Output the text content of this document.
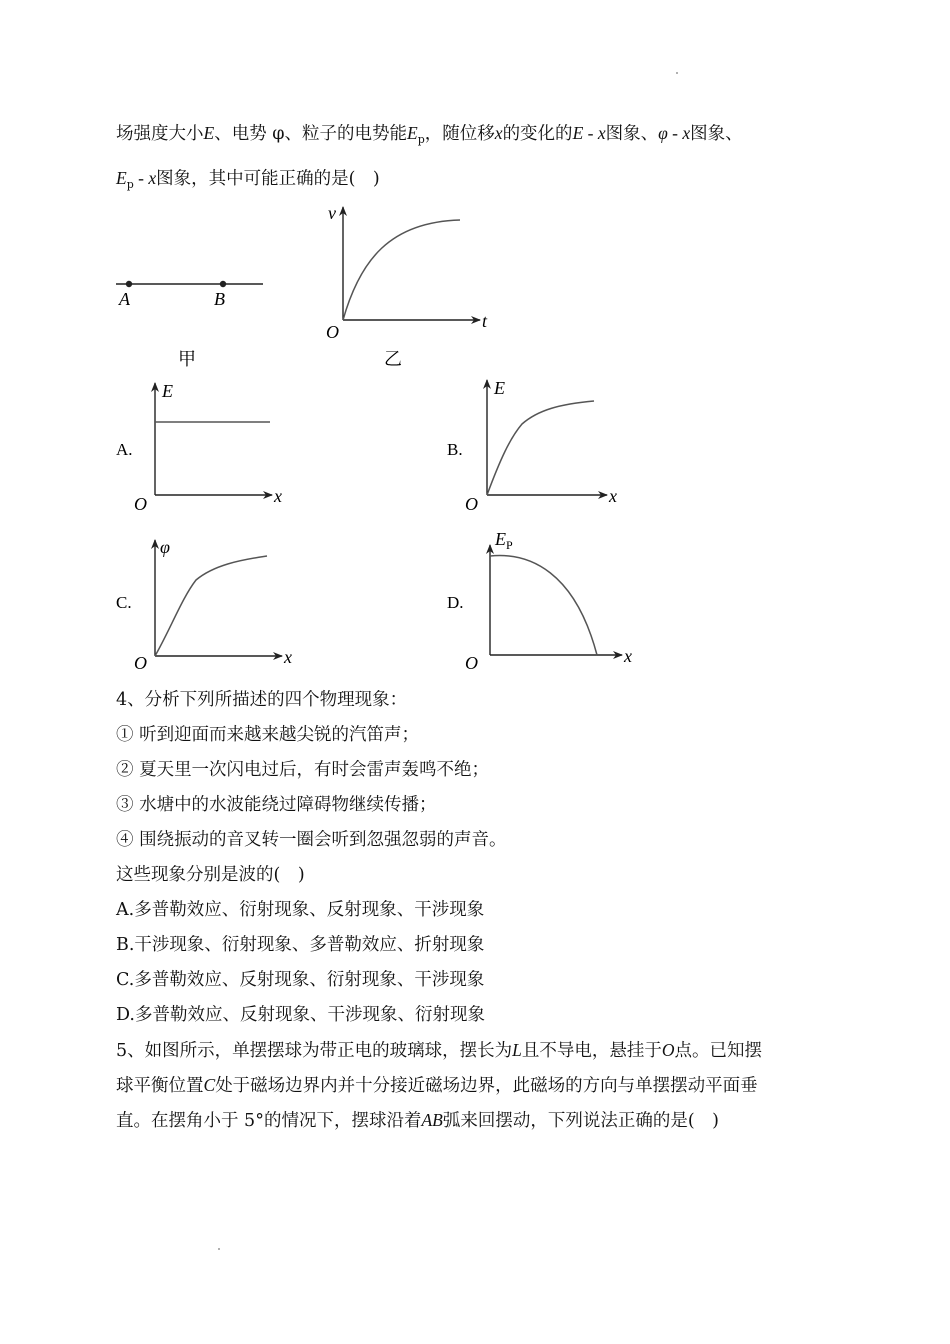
场强度大小E、电势 φ、粒子的电势能$E_p$，随位移x的变化的E - x图象、φ - x图象、
$E_p$ - x图象，其中可能正确的是(　)
A	B
甲
v
t
O
乙
E
x
O
A.
E
x
O
B.
φ
x
O
C.
$E_P$
x
O
D.
4、分析下列所描述的四个物理现象：
① 听到迎面而来越来越尖锐的汽笛声；
② 夏天里一次闪电过后，有时会雷声轰鸣不绝；
③ 水塘中的水波能绕过障碍物继续传播；
④ 围绕振动的音叉转一圈会听到忽强忽弱的声音。
这些现象分别是波的(　)
A.多普勒效应、衍射现象、反射现象、干涉现象
B.干涉现象、衍射现象、多普勒效应、折射现象
C.多普勒效应、反射现象、衍射现象、干涉现象
D.多普勒效应、反射现象、干涉现象、衍射现象
5、如图所示，单摆摆球为带正电的玻璃球，摆长为L且不导电，悬挂于O点。已知摆
球平衡位置C处于磁场边界内并十分接近磁场边界，此磁场的方向与单摆摆动平面垂
直。在摆角小于 5°的情况下，摆球沿着AB弧来回摆动，下列说法正确的是(　)
